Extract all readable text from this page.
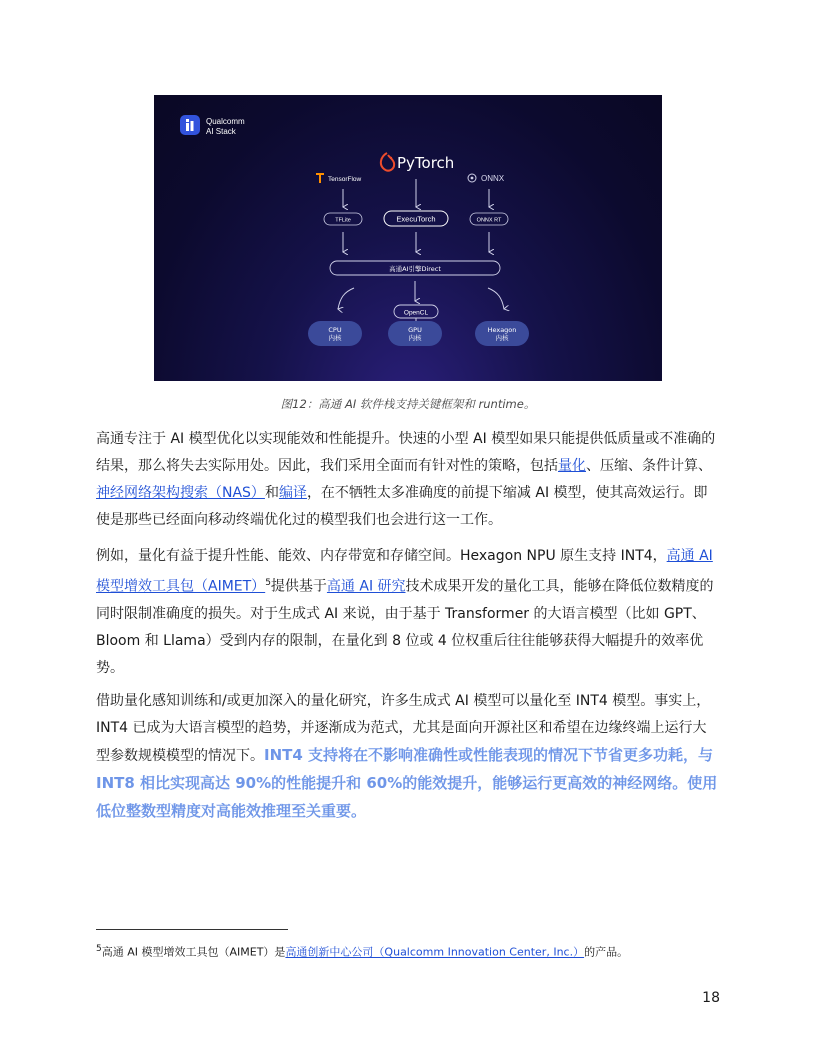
Qualcomm
AI Stack
PyTorch
TensorFlow	ONNX
TFLite	ExecuTorch	ONNX RT
高通AI引擎Direct
OpenCL
CPU
内核
GPU
内核
Hexagon
内核
图12：高通 AI 软件栈支持关键框架和 runtime。

高通专注于 AI 模型优化以实现能效和性能提升。快速的小型 AI 模型如果只能提供低质量或不准确的结果，那么将失去实际用处。因此，我们采用全面而有针对性的策略，包括量化、压缩、条件计算、神经网络架构搜索（NAS）和编译，在不牺牲太多准确度的前提下缩减 AI 模型，使其高效运行。即使是那些已经面向移动终端优化过的模型我们也会进行这一工作。

例如，量化有益于提升性能、能效、内存带宽和存储空间。Hexagon NPU 原生支持 INT4，高通 AI 模型增效工具包（AIMET）$^5$提供基于高通 AI 研究技术成果开发的量化工具，能够在降低位数精度的同时限制准确度的损失。对于生成式 AI 来说，由于基于 Transformer 的大语言模型（比如 GPT、Bloom 和 Llama）受到内存的限制，在量化到 8 位或 4 位权重后往往能够获得大幅提升的效率优势。

借助量化感知训练和/或更加深入的量化研究，许多生成式 AI 模型可以量化至 INT4 模型。事实上，INT4 已成为大语言模型的趋势，并逐渐成为范式，尤其是面向开源社区和希望在边缘终端上运行大型参数规模模型的情况下。INT4 支持将在不影响准确性或性能表现的情况下节省更多功耗，与 INT8 相比实现高达 90%的性能提升和 60%的能效提升，能够运行更高效的神经网络。使用低位整数型精度对高能效推理至关重要。

$^5$高通 AI 模型增效工具包（AIMET）是高通创新中心公司（Qualcomm Innovation Center, Inc.）的产品。
18
